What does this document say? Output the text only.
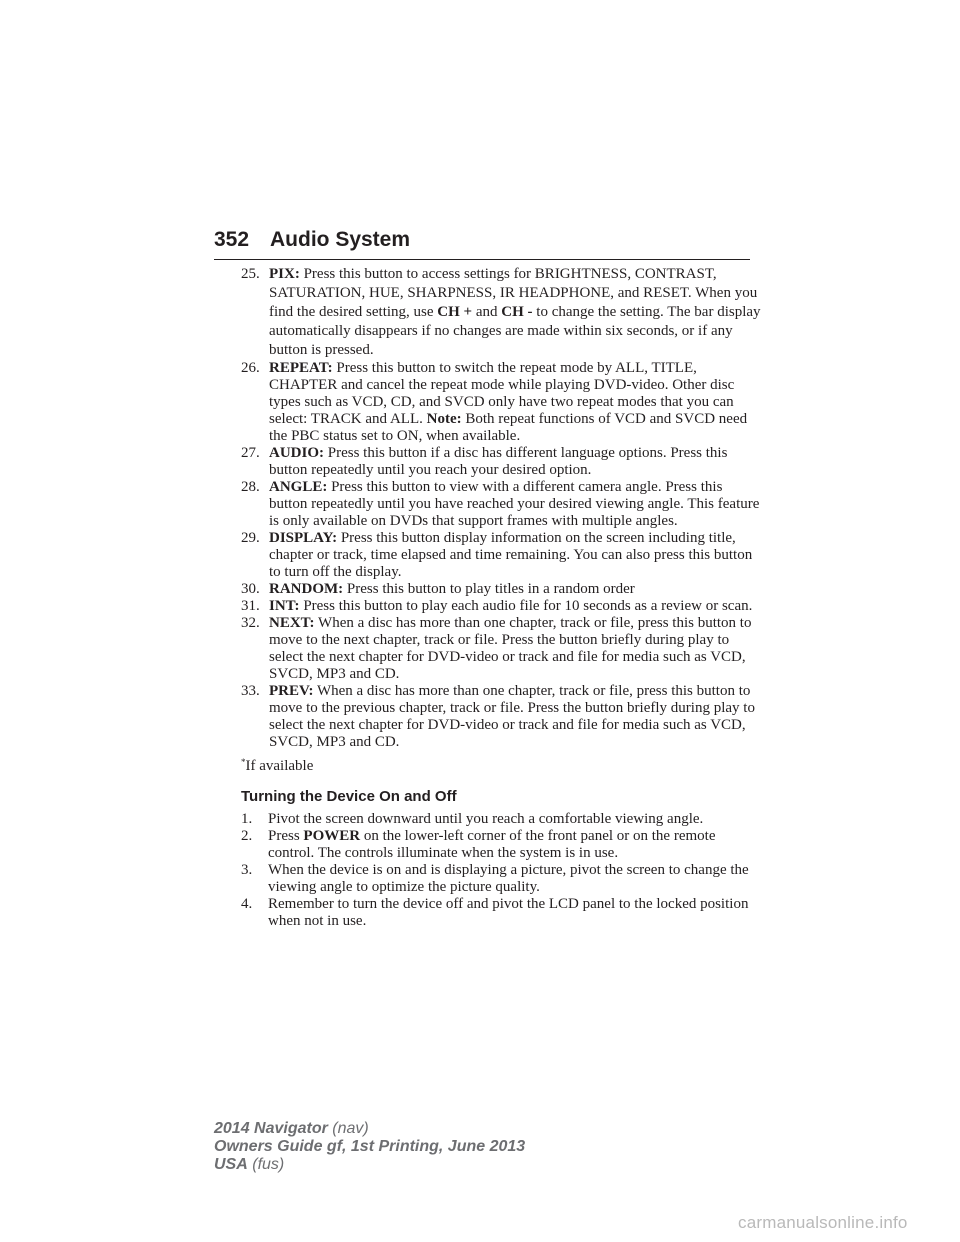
352 Audio System
25. PIX: Press this button to access settings for BRIGHTNESS, CONTRAST, SATURATION, HUE, SHARPNESS, IR HEADPHONE, and RESET. When you find the desired setting, use CH + and CH - to change the setting. The bar display automatically disappears if no changes are made within six seconds, or if any button is pressed.
26. REPEAT: Press this button to switch the repeat mode by ALL, TITLE, CHAPTER and cancel the repeat mode while playing DVD-video. Other disc types such as VCD, CD, and SVCD only have two repeat modes that you can select: TRACK and ALL. Note: Both repeat functions of VCD and SVCD need the PBC status set to ON, when available.
27. AUDIO: Press this button if a disc has different language options. Press this button repeatedly until you reach your desired option.
28. ANGLE: Press this button to view with a different camera angle. Press this button repeatedly until you have reached your desired viewing angle. This feature is only available on DVDs that support frames with multiple angles.
29. DISPLAY: Press this button display information on the screen including title, chapter or track, time elapsed and time remaining. You can also press this button to turn off the display.
30. RANDOM: Press this button to play titles in a random order
31. INT: Press this button to play each audio file for 10 seconds as a review or scan.
32. NEXT: When a disc has more than one chapter, track or file, press this button to move to the next chapter, track or file. Press the button briefly during play to select the next chapter for DVD-video or track and file for media such as VCD, SVCD, MP3 and CD.
33. PREV: When a disc has more than one chapter, track or file, press this button to move to the previous chapter, track or file. Press the button briefly during play to select the next chapter for DVD-video or track and file for media such as VCD, SVCD, MP3 and CD.
*If available
Turning the Device On and Off
1. Pivot the screen downward until you reach a comfortable viewing angle.
2. Press POWER on the lower-left corner of the front panel or on the remote control. The controls illuminate when the system is in use.
3. When the device is on and is displaying a picture, pivot the screen to change the viewing angle to optimize the picture quality.
4. Remember to turn the device off and pivot the LCD panel to the locked position when not in use.
2014 Navigator (nav)
Owners Guide gf, 1st Printing, June 2013
USA (fus)
carmanualsonline.info
